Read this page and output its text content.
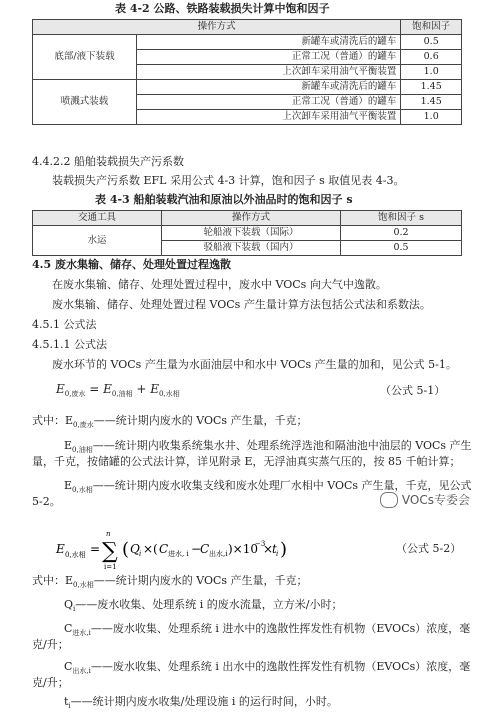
表 4-2 公路、铁路装载损失计算中饱和因子
操作方式		饱和因子
底部/液下装载	新罐车或清洗后的罐车	0.5
	正常工况（普通）的罐车	0.6
	上次卸车采用油气平衡装置	1.0
喷溅式装载	新罐车或清洗后的罐车	1.45
	正常工况（普通）的罐车	1.45
	上次卸车采用油气平衡装置	1.0
4.4.2.2 船舶装载损失产污系数
装载损失产污系数 EFL 采用公式 4-3 计算，饱和因子 s 取值见表 4-3。
表 4-3 船舶装载汽油和原油以外油品时的饱和因子 s
交通工具	操作方式	饱和因子 s
水运	轮船液下装载（国际）	0.2
	驳船液下装载（国内）	0.5
4.5 废水集输、储存、处理处置过程逸散
在废水集输、储存、处理处置过程中，废水中 VOCs 向大气中逸散。
废水集输、储存、处理处置过程 VOCs 产生量计算方法包括公式法和系数法。
4.5.1 公式法
4.5.1.1 公式法
废水环节的 VOCs 产生量为水面油层中和水中 VOCs 产生量的加和，见公式 5-1。
$E_{0,废水} = E_{0,油相} + E_{0,水相}$	（公式 5-1）
式中：$E_{0,废水}——$统计期内废水的 VOCs 产生量，千克；
$E_{0,油相}——$统计期内收集系统集水井、处理系统浮选池和隔油池中油层的 VOCs 产生
量，千克，按储罐的公式法计算，详见附录 E，无浮油真实蒸气压的，按 85 千帕计算；
$E_{0,水相}——$统计期内废水收集支线和废水处理厂水相中 VOCs 产生量，千克，见公式
5-2。	VOCs专委会
E 0,水相 = ∑
n
i=1
( Q i ×( C 进水, i −
C 出水,i )×10
−3
×
t i )	（公式 5-2）
式中：$E_{0,水相}——$统计期内废水的 VOCs 产生量，千克；
$Q_i——$废水收集、处理系统 i 的废水流量，立方米/小时；
$C_{进水,i}——$废水收集、处理系统 i 进水中的逸散性挥发性有机物（EVOCs）浓度，毫
克/升；
$C_{出水,i}——$废水收集、处理系统 i 出水中的逸散性挥发性有机物（EVOCs）浓度，毫
克/升；
$t_i——$统计期内废水收集/处理设施 i 的运行时间，小时。
